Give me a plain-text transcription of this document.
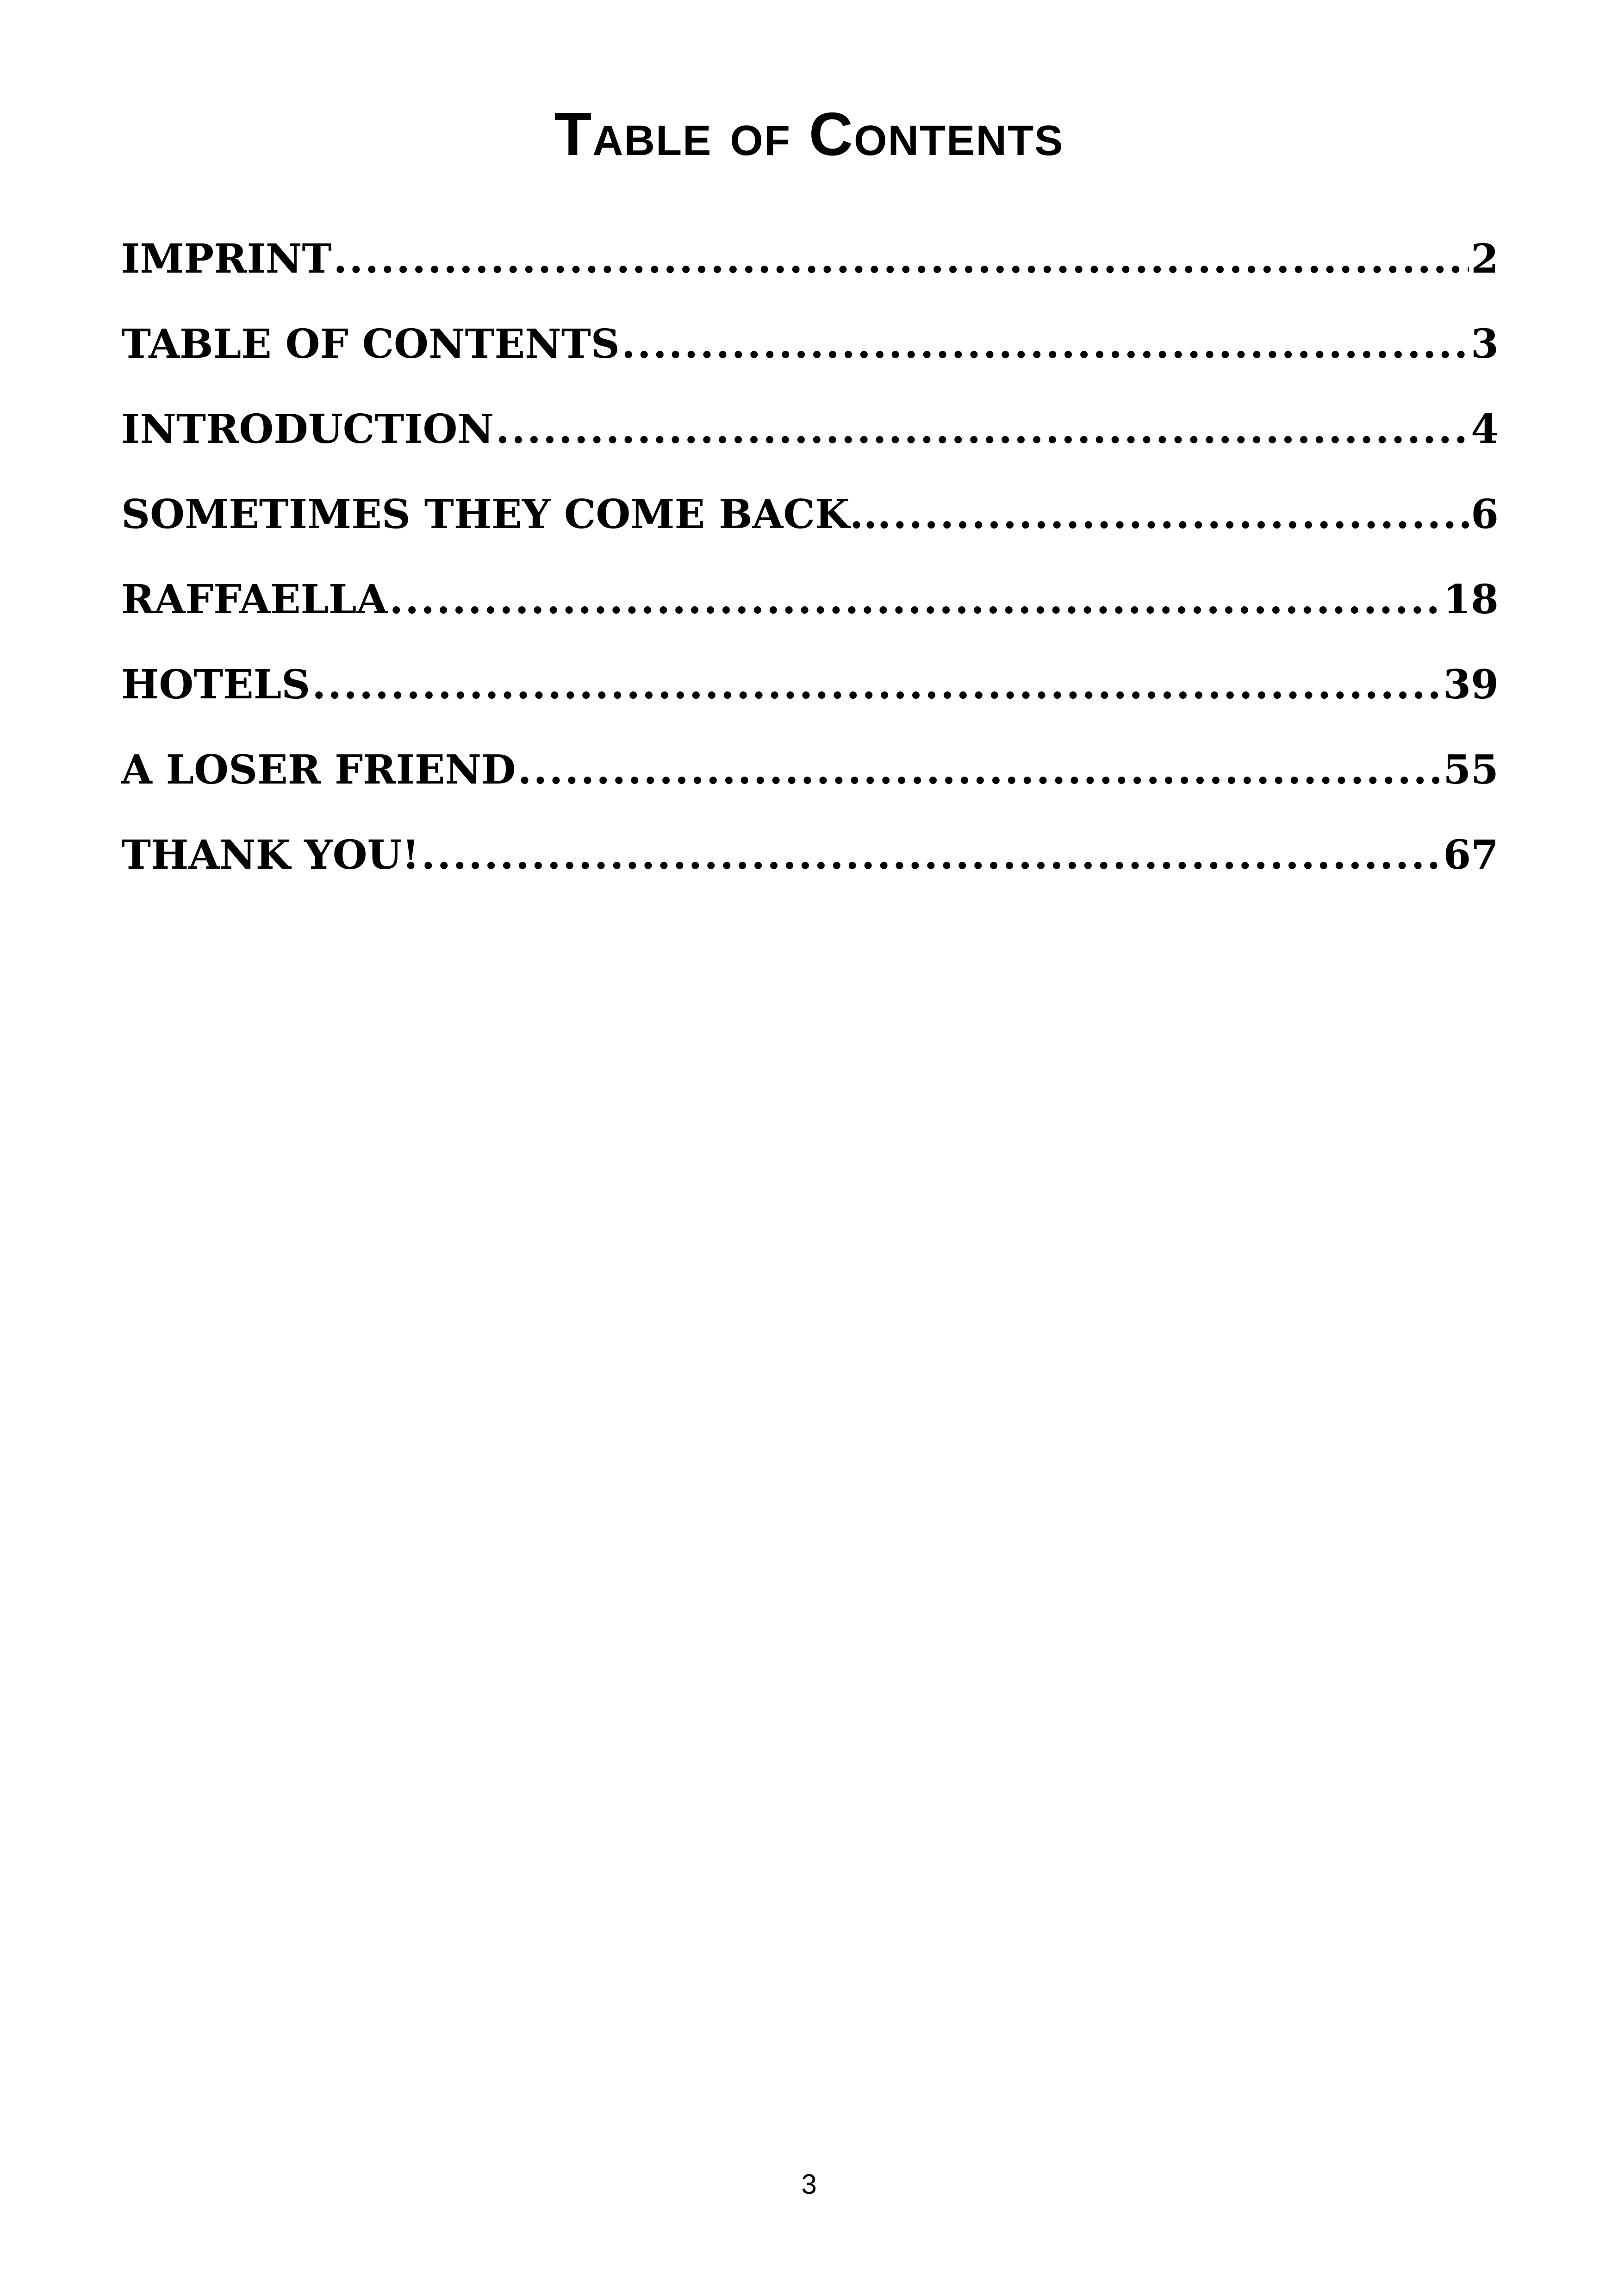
Table of Contents
IMPRINT .....	2
TABLE OF CONTENTS .....	3
INTRODUCTION .....	4
SOMETIMES THEY COME BACK... .....	6
RAFFAELLA .....	18
HOTELS .....	39
A LOSER FRIEND .....	55
THANK YOU! .....	67
3
